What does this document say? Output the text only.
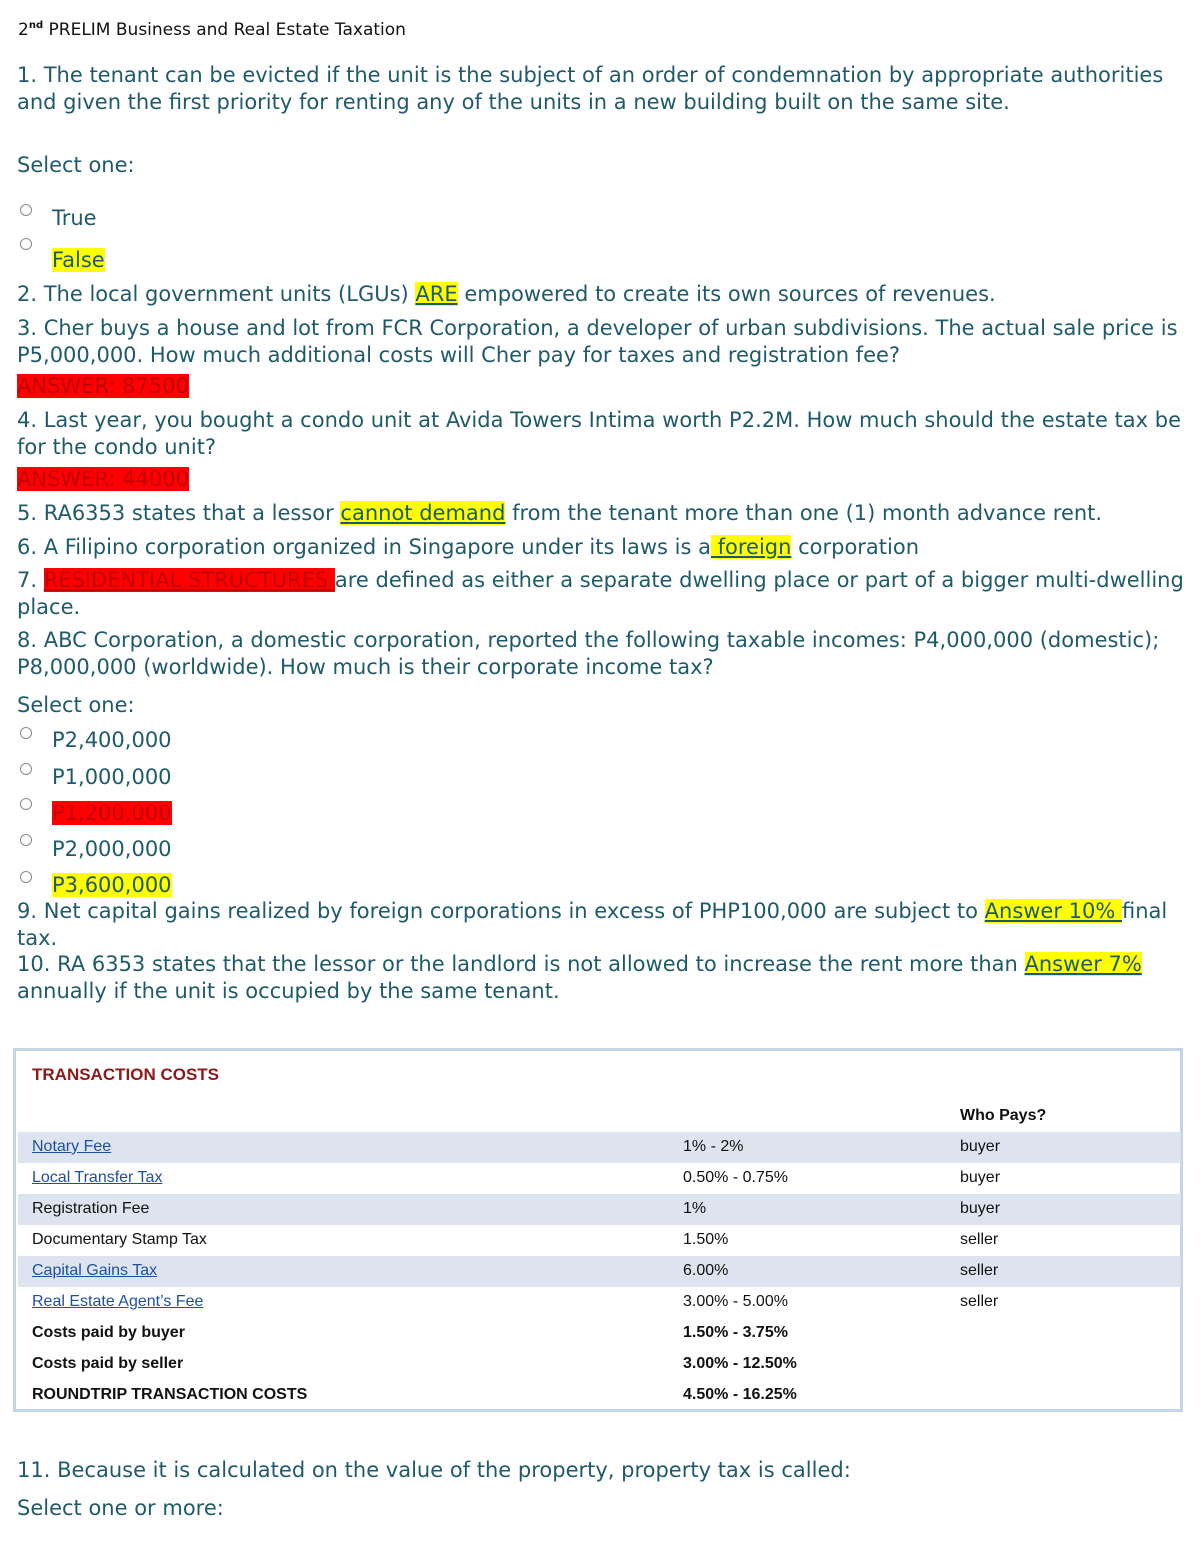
2nd PRELIM Business and Real Estate Taxation
1. The tenant can be evicted if the unit is the subject of an order of condemnation by appropriate authorities and given the first priority for renting any of the units in a new building built on the same site.
Select one:
True
False
2. The local government units (LGUs) ARE empowered to create its own sources of revenues.
3. Cher buys a house and lot from FCR Corporation, a developer of urban subdivisions. The actual sale price is P5,000,000. How much additional costs will Cher pay for taxes and registration fee?
ANSWER: 87500
4. Last year, you bought a condo unit at Avida Towers Intima worth P2.2M. How much should the estate tax be for the condo unit?
ANSWER: 44000
5. RA6353 states that a lessor cannot demand from the tenant more than one (1) month advance rent.
6. A Filipino corporation organized in Singapore under its laws is a foreign corporation
7. RESIDENTIAL STRUCTURES are defined as either a separate dwelling place or part of a bigger multi-dwelling place.
8. ABC Corporation, a domestic corporation, reported the following taxable incomes: P4,000,000 (domestic); P8,000,000 (worldwide). How much is their corporate income tax?
Select one:
P2,400,000
P1,000,000
P1,200,000
P2,000,000
P3,600,000
9. Net capital gains realized by foreign corporations in excess of PHP100,000 are subject to Answer 10% final tax.
10. RA 6353 states that the lessor or the landlord is not allowed to increase the rent more than Answer 7% annually if the unit is occupied by the same tenant.
TRANSACTION COSTS
Who Pays?
Notary Fee	1% - 2%	buyer
Local Transfer Tax	0.50% - 0.75%	buyer
Registration Fee	1%	buyer
Documentary Stamp Tax	1.50%	seller
Capital Gains Tax	6.00%	seller
Real Estate Agent’s Fee	3.00% - 5.00%	seller
Costs paid by buyer	1.50% - 3.75%
Costs paid by seller	3.00% - 12.50%
ROUNDTRIP TRANSACTION COSTS	4.50% - 16.25%
11. Because it is calculated on the value of the property, property tax is called:
Select one or more:
